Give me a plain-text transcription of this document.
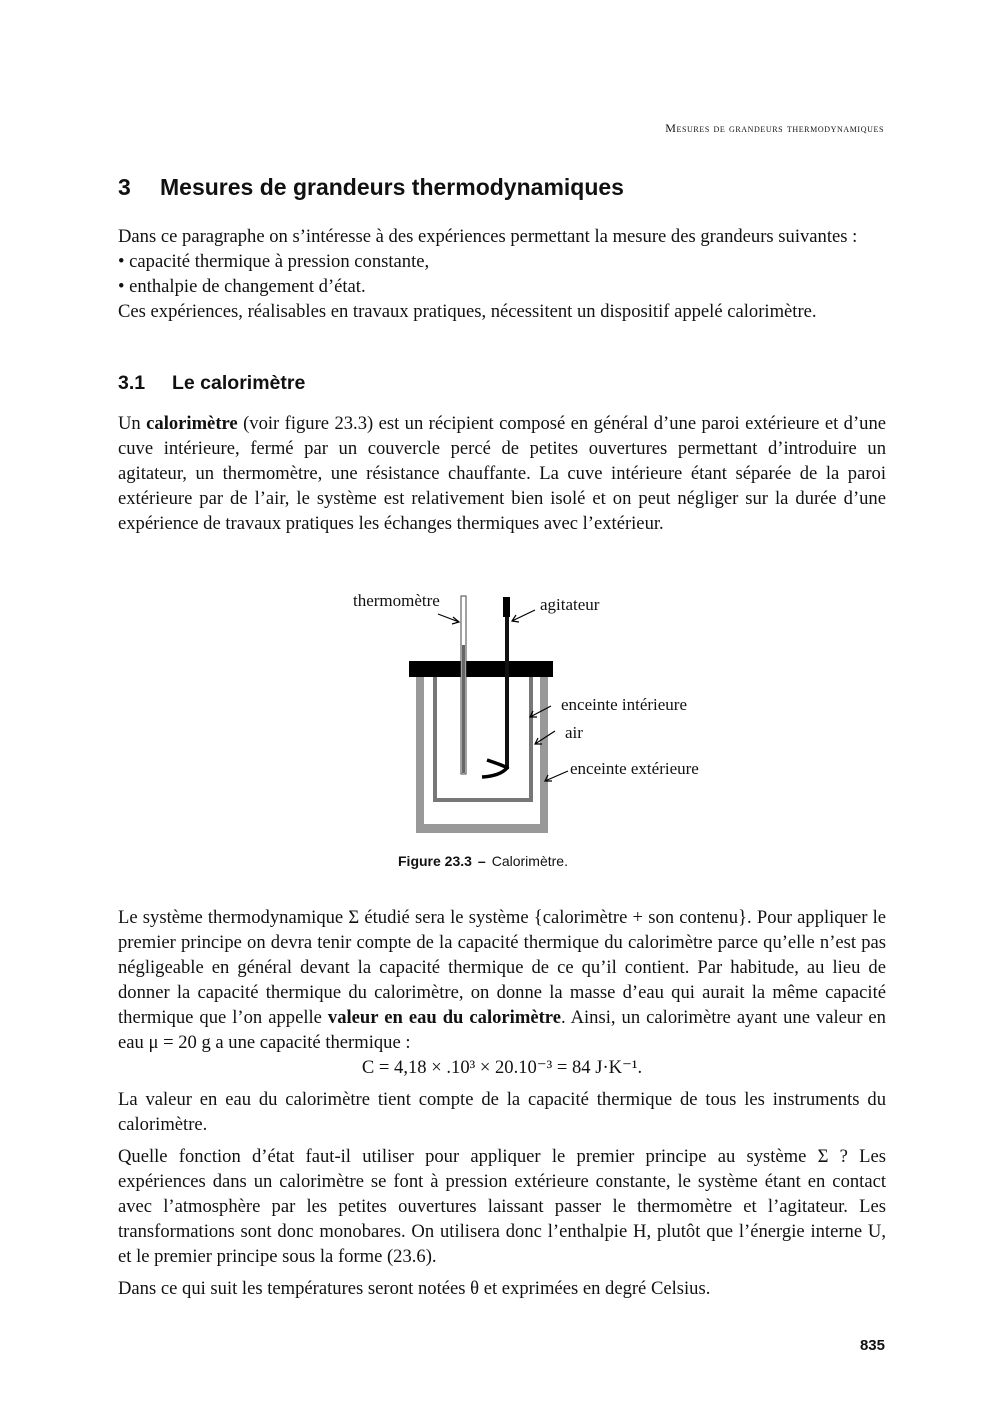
Mesures de grandeurs thermodynamiques
3 Mesures de grandeurs thermodynamiques

Dans ce paragraphe on s’intéresse à des expériences permettant la mesure des grandeurs suivantes :

• capacité thermique à pression constante,

• enthalpie de changement d’état.

Ces expériences, réalisables en travaux pratiques, nécessitent un dispositif appelé calorimètre.

3.1 Le calorimètre

Un calorimètre (voir figure 23.3) est un récipient composé en général d’une paroi extérieure et d’une cuve intérieure, fermé par un couvercle percé de petites ouvertures permettant d’introduire un agitateur, un thermomètre, une résistance chauffante. La cuve intérieure étant séparée de la paroi extérieure par de l’air, le système est relativement bien isolé et on peut négliger sur la durée d’une expérience de travaux pratiques les échanges thermiques avec l’extérieur.

thermomètre	agitateur
enceinte intérieure
air
enceinte extérieure
Figure 23.3 – Calorimètre.

Le système thermodynamique Σ étudié sera le système {calorimètre + son contenu}. Pour appliquer le premier principe on devra tenir compte de la capacité thermique du calorimètre parce qu’elle n’est pas négligeable en général devant la capacité thermique de ce qu’il contient. Par habitude, au lieu de donner la capacité thermique du calorimètre, on donne la masse d’eau qui aurait la même capacité thermique que l’on appelle valeur en eau du calorimètre. Ainsi, un calorimètre ayant une valeur en eau μ = 20 g a une capacité thermique :

C = 4,18 × .10³ × 20.10⁻³ = 84 J·K⁻¹.

La valeur en eau du calorimètre tient compte de la capacité thermique de tous les instruments du calorimètre.

Quelle fonction d’état faut-il utiliser pour appliquer le premier principe au système Σ ? Les expériences dans un calorimètre se font à pression extérieure constante, le système étant en contact avec l’atmosphère par les petites ouvertures laissant passer le thermomètre et l’agitateur. Les transformations sont donc monobares. On utilisera donc l’enthalpie H, plutôt que l’énergie interne U, et le premier principe sous la forme (23.6).

Dans ce qui suit les températures seront notées θ et exprimées en degré Celsius.

835
